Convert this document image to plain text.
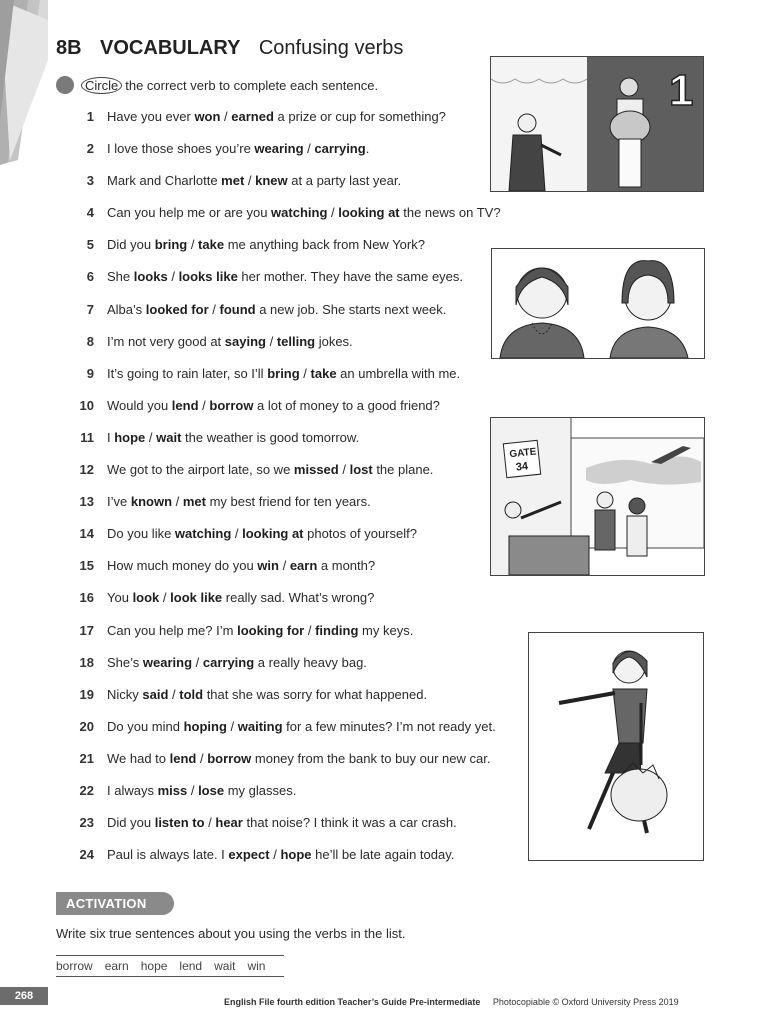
8B VOCABULARY Confusing verbs
Circle the correct verb to complete each sentence.
1 Have you ever won / earned a prize or cup for something?
2 I love those shoes you’re wearing / carrying.
3 Mark and Charlotte met / knew at a party last year.
4 Can you help me or are you watching / looking at the news on TV?
5 Did you bring / take me anything back from New York?
6 She looks / looks like her mother. They have the same eyes.
7 Alba’s looked for / found a new job. She starts next week.
8 I’m not very good at saying / telling jokes.
9 It’s going to rain later, so I’ll bring / take an umbrella with me.
10 Would you lend / borrow a lot of money to a good friend?
11 I hope / wait the weather is good tomorrow.
12 We got to the airport late, so we missed / lost the plane.
13 I’ve known / met my best friend for ten years.
14 Do you like watching / looking at photos of yourself?
15 How much money do you win / earn a month?
16 You look / look like really sad. What’s wrong?
17 Can you help me? I’m looking for / finding my keys.
18 She’s wearing / carrying a really heavy bag.
19 Nicky said / told that she was sorry for what happened.
20 Do you mind hoping / waiting for a few minutes? I’m not ready yet.
21 We had to lend / borrow money from the bank to buy our new car.
22 I always miss / lose my glasses.
23 Did you listen to / hear that noise? I think it was a car crash.
24 Paul is always late. I expect / hope he’ll be late again today.
1
GATE
34
ACTIVATION
Write six true sentences about you using the verbs in the list.
borrow earn hope lend wait win
268	English File fourth edition Teacher’s Guide Pre-intermediate Photocopiable © Oxford University Press 2019
